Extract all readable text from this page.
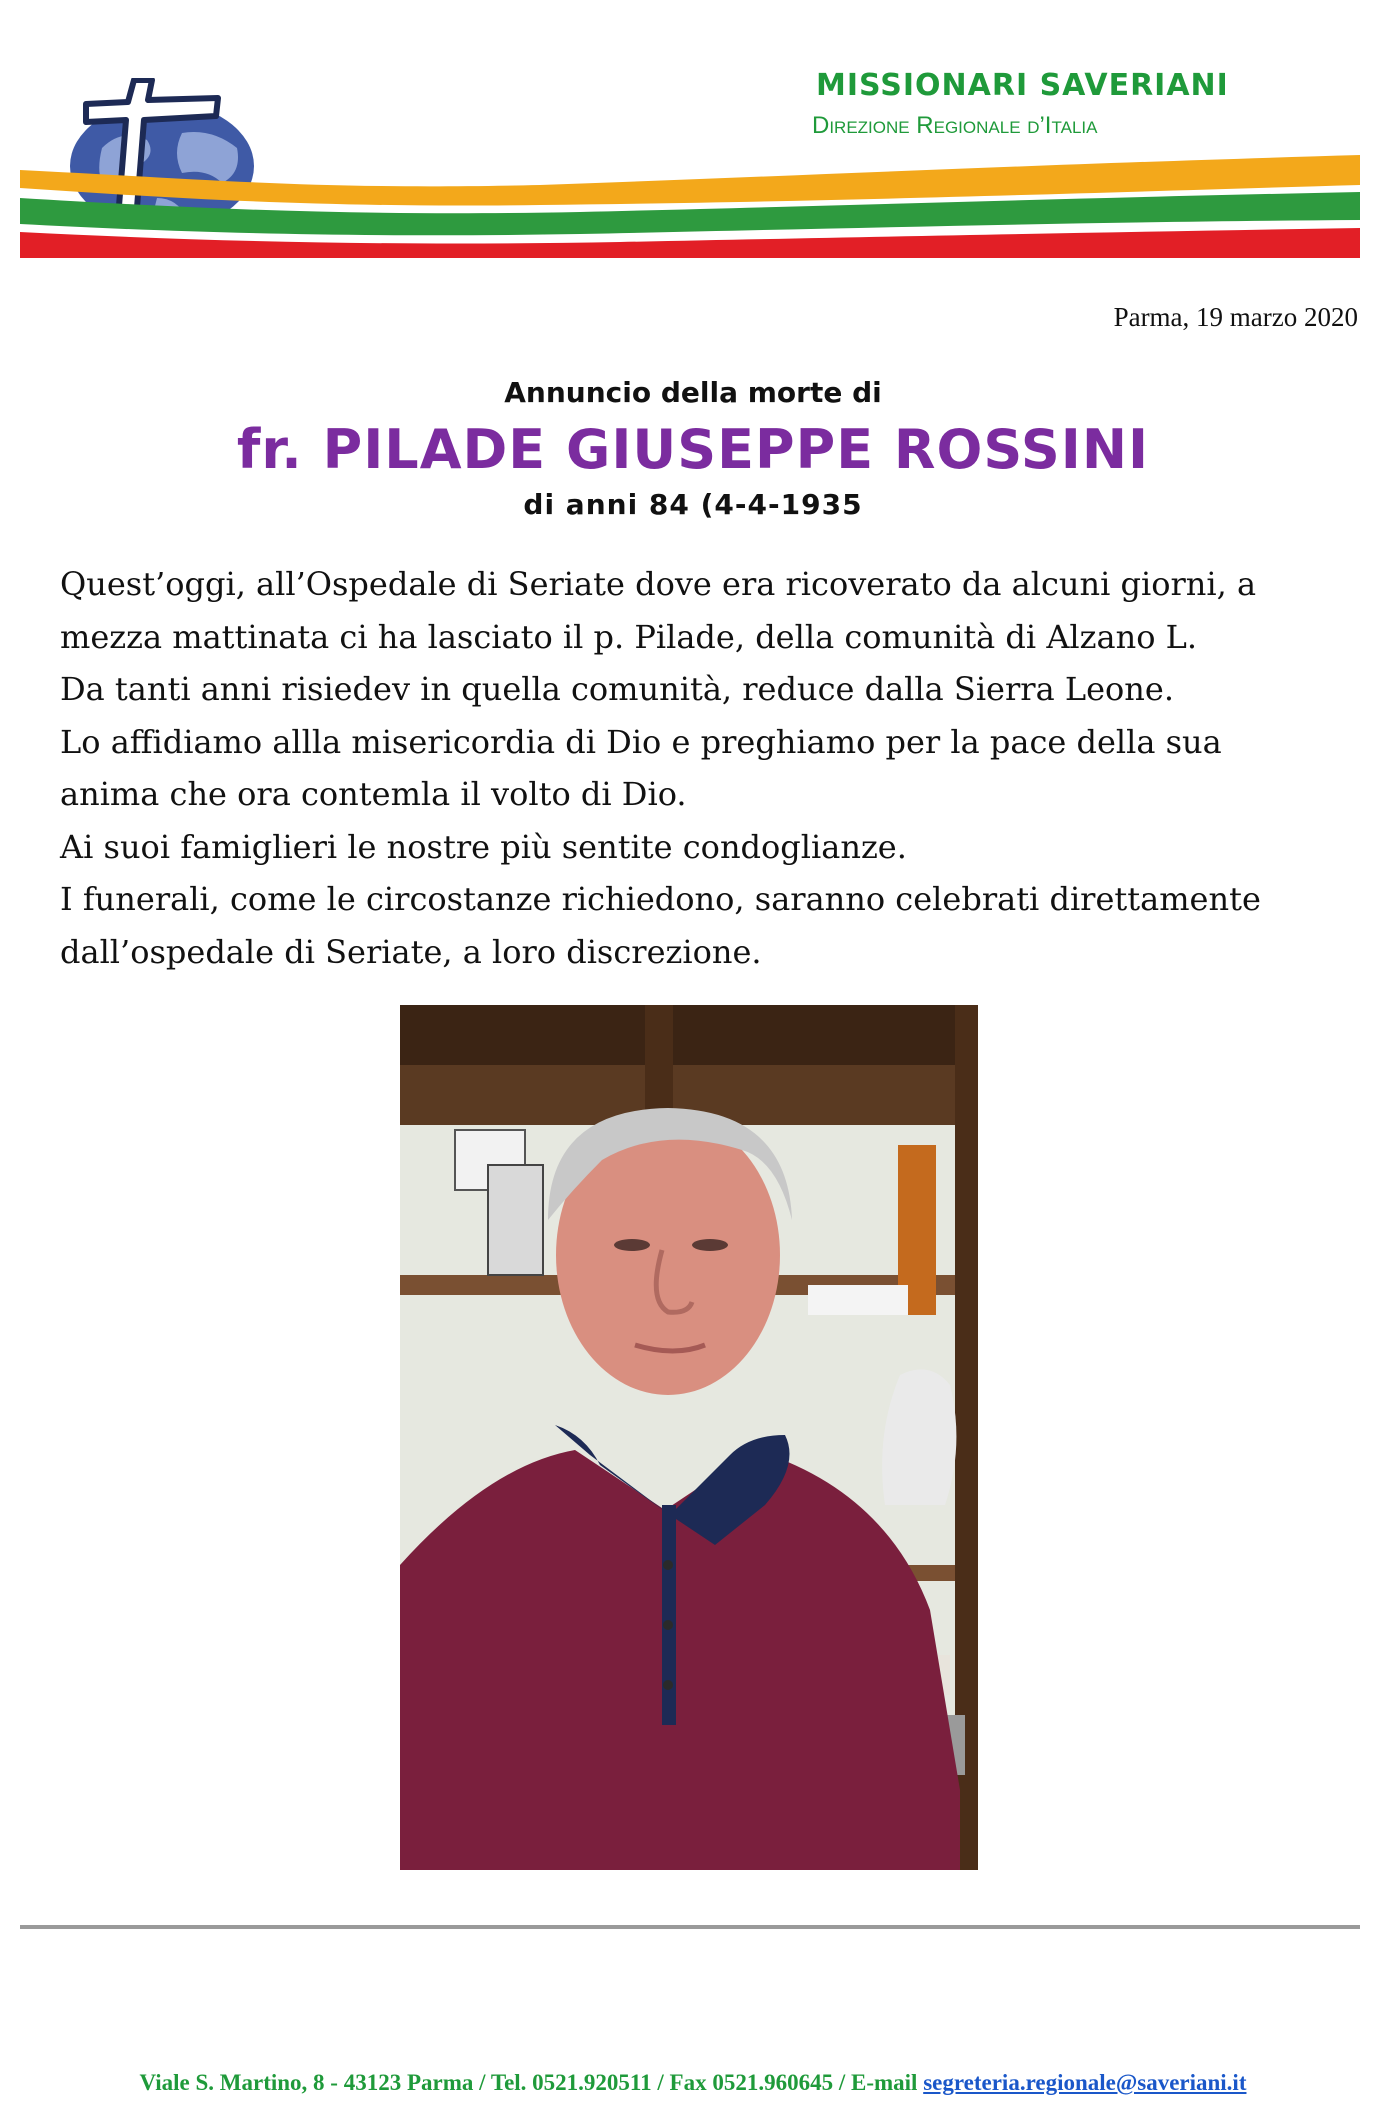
MISSIONARI SAVERIANI
Direzione Regionale d’Italia
Parma, 19 marzo 2020
Annuncio della morte di
fr. PILADE GIUSEPPE ROSSINI
di anni 84 (4-4-1935

Quest’oggi, all’Ospedale di Seriate dove era ricoverato da alcuni giorni, a

mezza mattinata ci ha lasciato il p. Pilade, della comunità di Alzano L.

Da tanti anni risiedev in quella comunità, reduce dalla Sierra Leone.

Lo affidiamo allla misericordia di Dio e preghiamo per la pace della sua

anima che ora contemla il volto di Dio.

Ai suoi famiglieri le nostre più sentite condoglianze.

I funerali, come le circostanze richiedono, saranno celebrati direttamente

dall’ospedale di Seriate, a loro discrezione.

Viale S. Martino, 8 - 43123 Parma / Tel. 0521.920511 / Fax 0521.960645 / E-mail segreteria.regionale@saveriani.it
